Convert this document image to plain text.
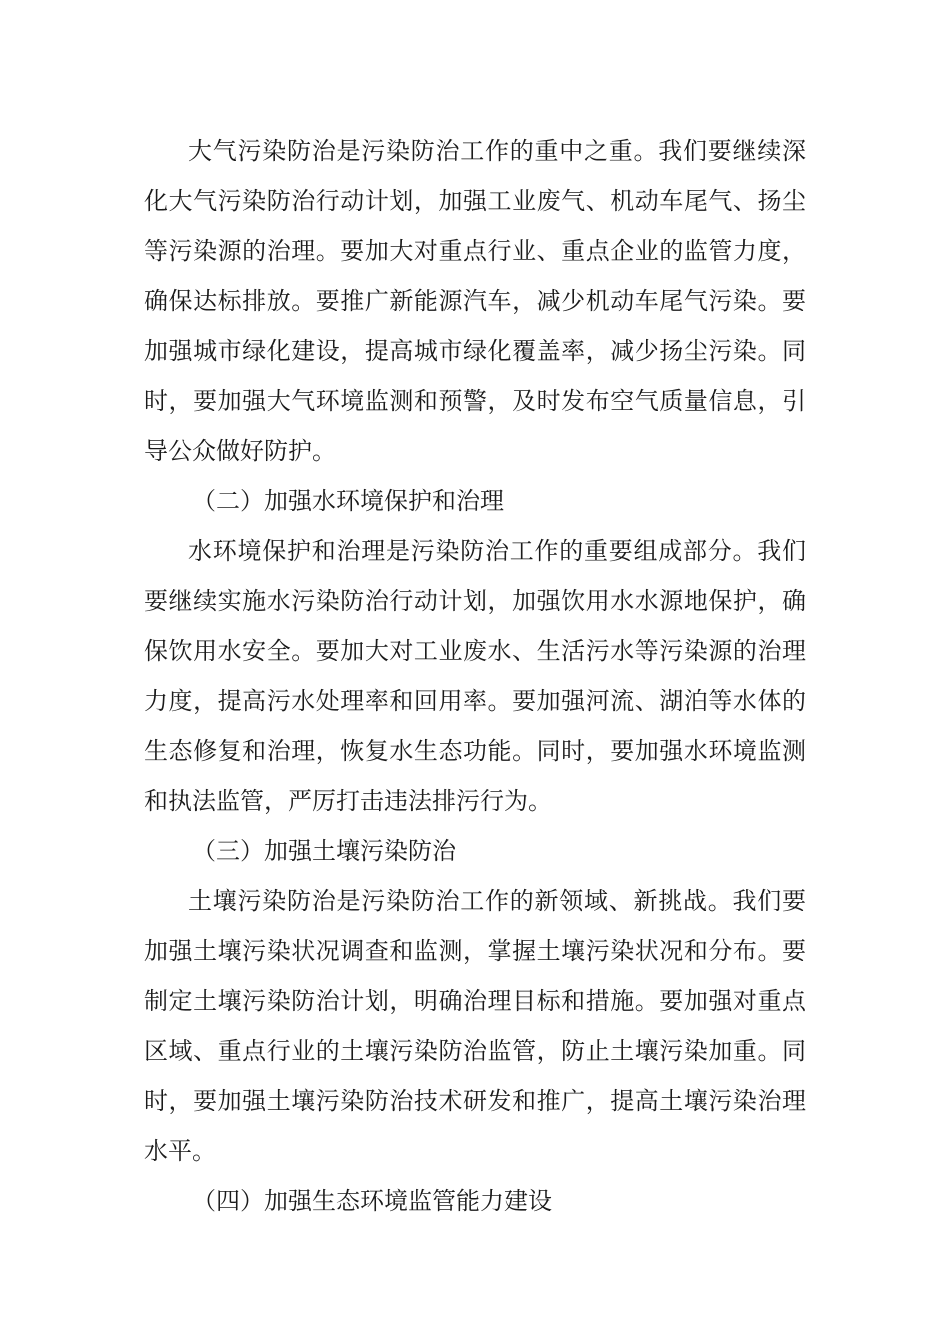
大气污染防治是污染防治工作的重中之重。我们要继续深化大气污染防治行动计划，加强工业废气、机动车尾气、扬尘等污染源的治理。要加大对重点行业、重点企业的监管力度，确保达标排放。要推广新能源汽车，减少机动车尾气污染。要加强城市绿化建设，提高城市绿化覆盖率，减少扬尘污染。同时，要加强大气环境监测和预警，及时发布空气质量信息，引导公众做好防护。

（二）加强水环境保护和治理

水环境保护和治理是污染防治工作的重要组成部分。我们要继续实施水污染防治行动计划，加强饮用水水源地保护，确保饮用水安全。要加大对工业废水、生活污水等污染源的治理力度，提高污水处理率和回用率。要加强河流、湖泊等水体的生态修复和治理，恢复水生态功能。同时，要加强水环境监测和执法监管，严厉打击违法排污行为。

（三）加强土壤污染防治

土壤污染防治是污染防治工作的新领域、新挑战。我们要加强土壤污染状况调查和监测，掌握土壤污染状况和分布。要制定土壤污染防治计划，明确治理目标和措施。要加强对重点区域、重点行业的土壤污染防治监管，防止土壤污染加重。同时，要加强土壤污染防治技术研发和推广，提高土壤污染治理水平。

（四）加强生态环境监管能力建设
